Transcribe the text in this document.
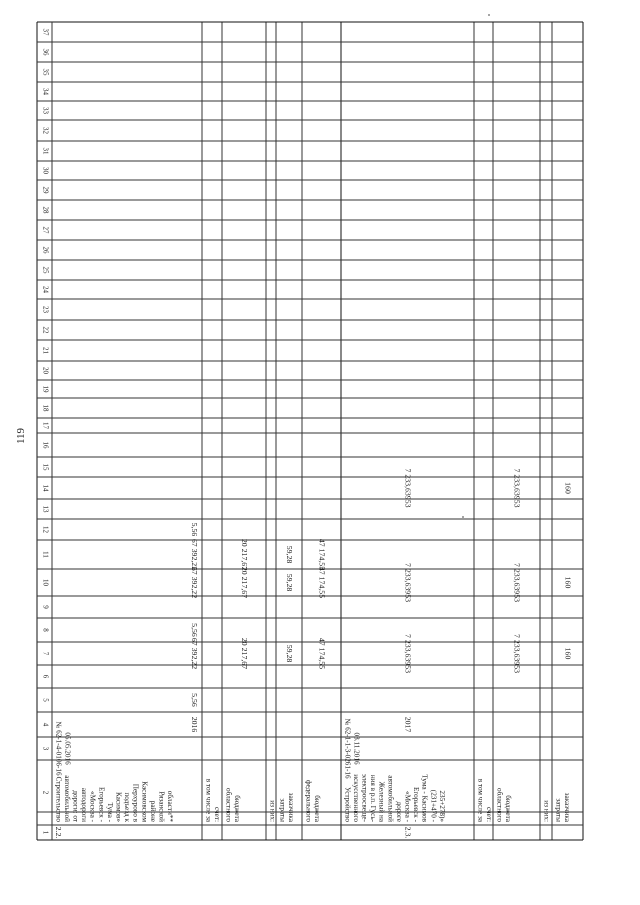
119
1
2
3
4
5
6
7
8
9
10
11
12
13
14
15
16
17
18
19
20
21
22
23
24
25
26
27
28
29
30
31
32
33
34
35
36
37
2.2.
Строительство автомобильной дороги: от автодороги «Москва - Егорьевск - Тума - Касимов» подъезд к Перхурово в Касимовском районе Рязанской области**
№ 62-1-4-0106-16 05.05.2016
2016
5,56
67 392,22
5,56
67 392,22
67 392,22
5,56
в том числе за счет: областного бюджета
20 217,67
20 217,67
20 217,67
из них: затраты заказчика
59,28
59,28
59,28
федерального бюджета
47 174,55
47 174,55
47 174,55
2.3.
Устройство искусственного электроосвеще- ния в р.п. Гусь- Железный на автомобильной дороге «Москва - Егорьевск - Тума - Касимов (231+470 - 235+278)»
№ 62-1-1-3-0261-16 03.11.2016
2017
7 233,63953
7 233,63953
7 233,63953
в том числе за счет: областного бюджета
7 233,63953
7 233,63953
7 233,63953
из них: затраты заказчика
160
160
160
